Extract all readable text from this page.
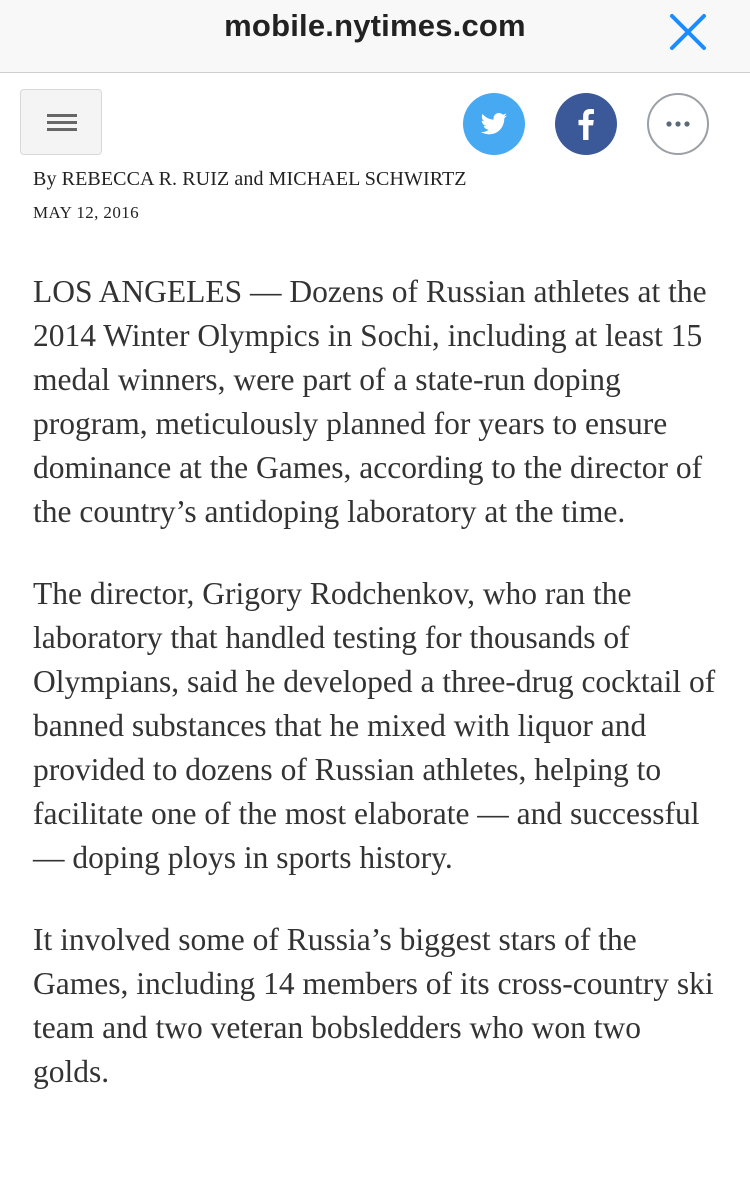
mobile.nytimes.com
By REBECCA R. RUIZ and MICHAEL SCHWIRTZ
MAY 12, 2016

LOS ANGELES — Dozens of Russian athletes at the 2014 Winter Olympics in Sochi, including at least 15 medal winners, were part of a state-run doping program, meticulously planned for years to ensure dominance at the Games, according to the director of the country’s antidoping laboratory at the time.

The director, Grigory Rodchenkov, who ran the laboratory that handled testing for thousands of Olympians, said he developed a three-drug cocktail of banned substances that he mixed with liquor and provided to dozens of Russian athletes, helping to facilitate one of the most elaborate — and successful — doping ploys in sports history.

It involved some of Russia’s biggest stars of the Games, including 14 members of its cross-country ski team and two veteran bobsledders who won two golds.
